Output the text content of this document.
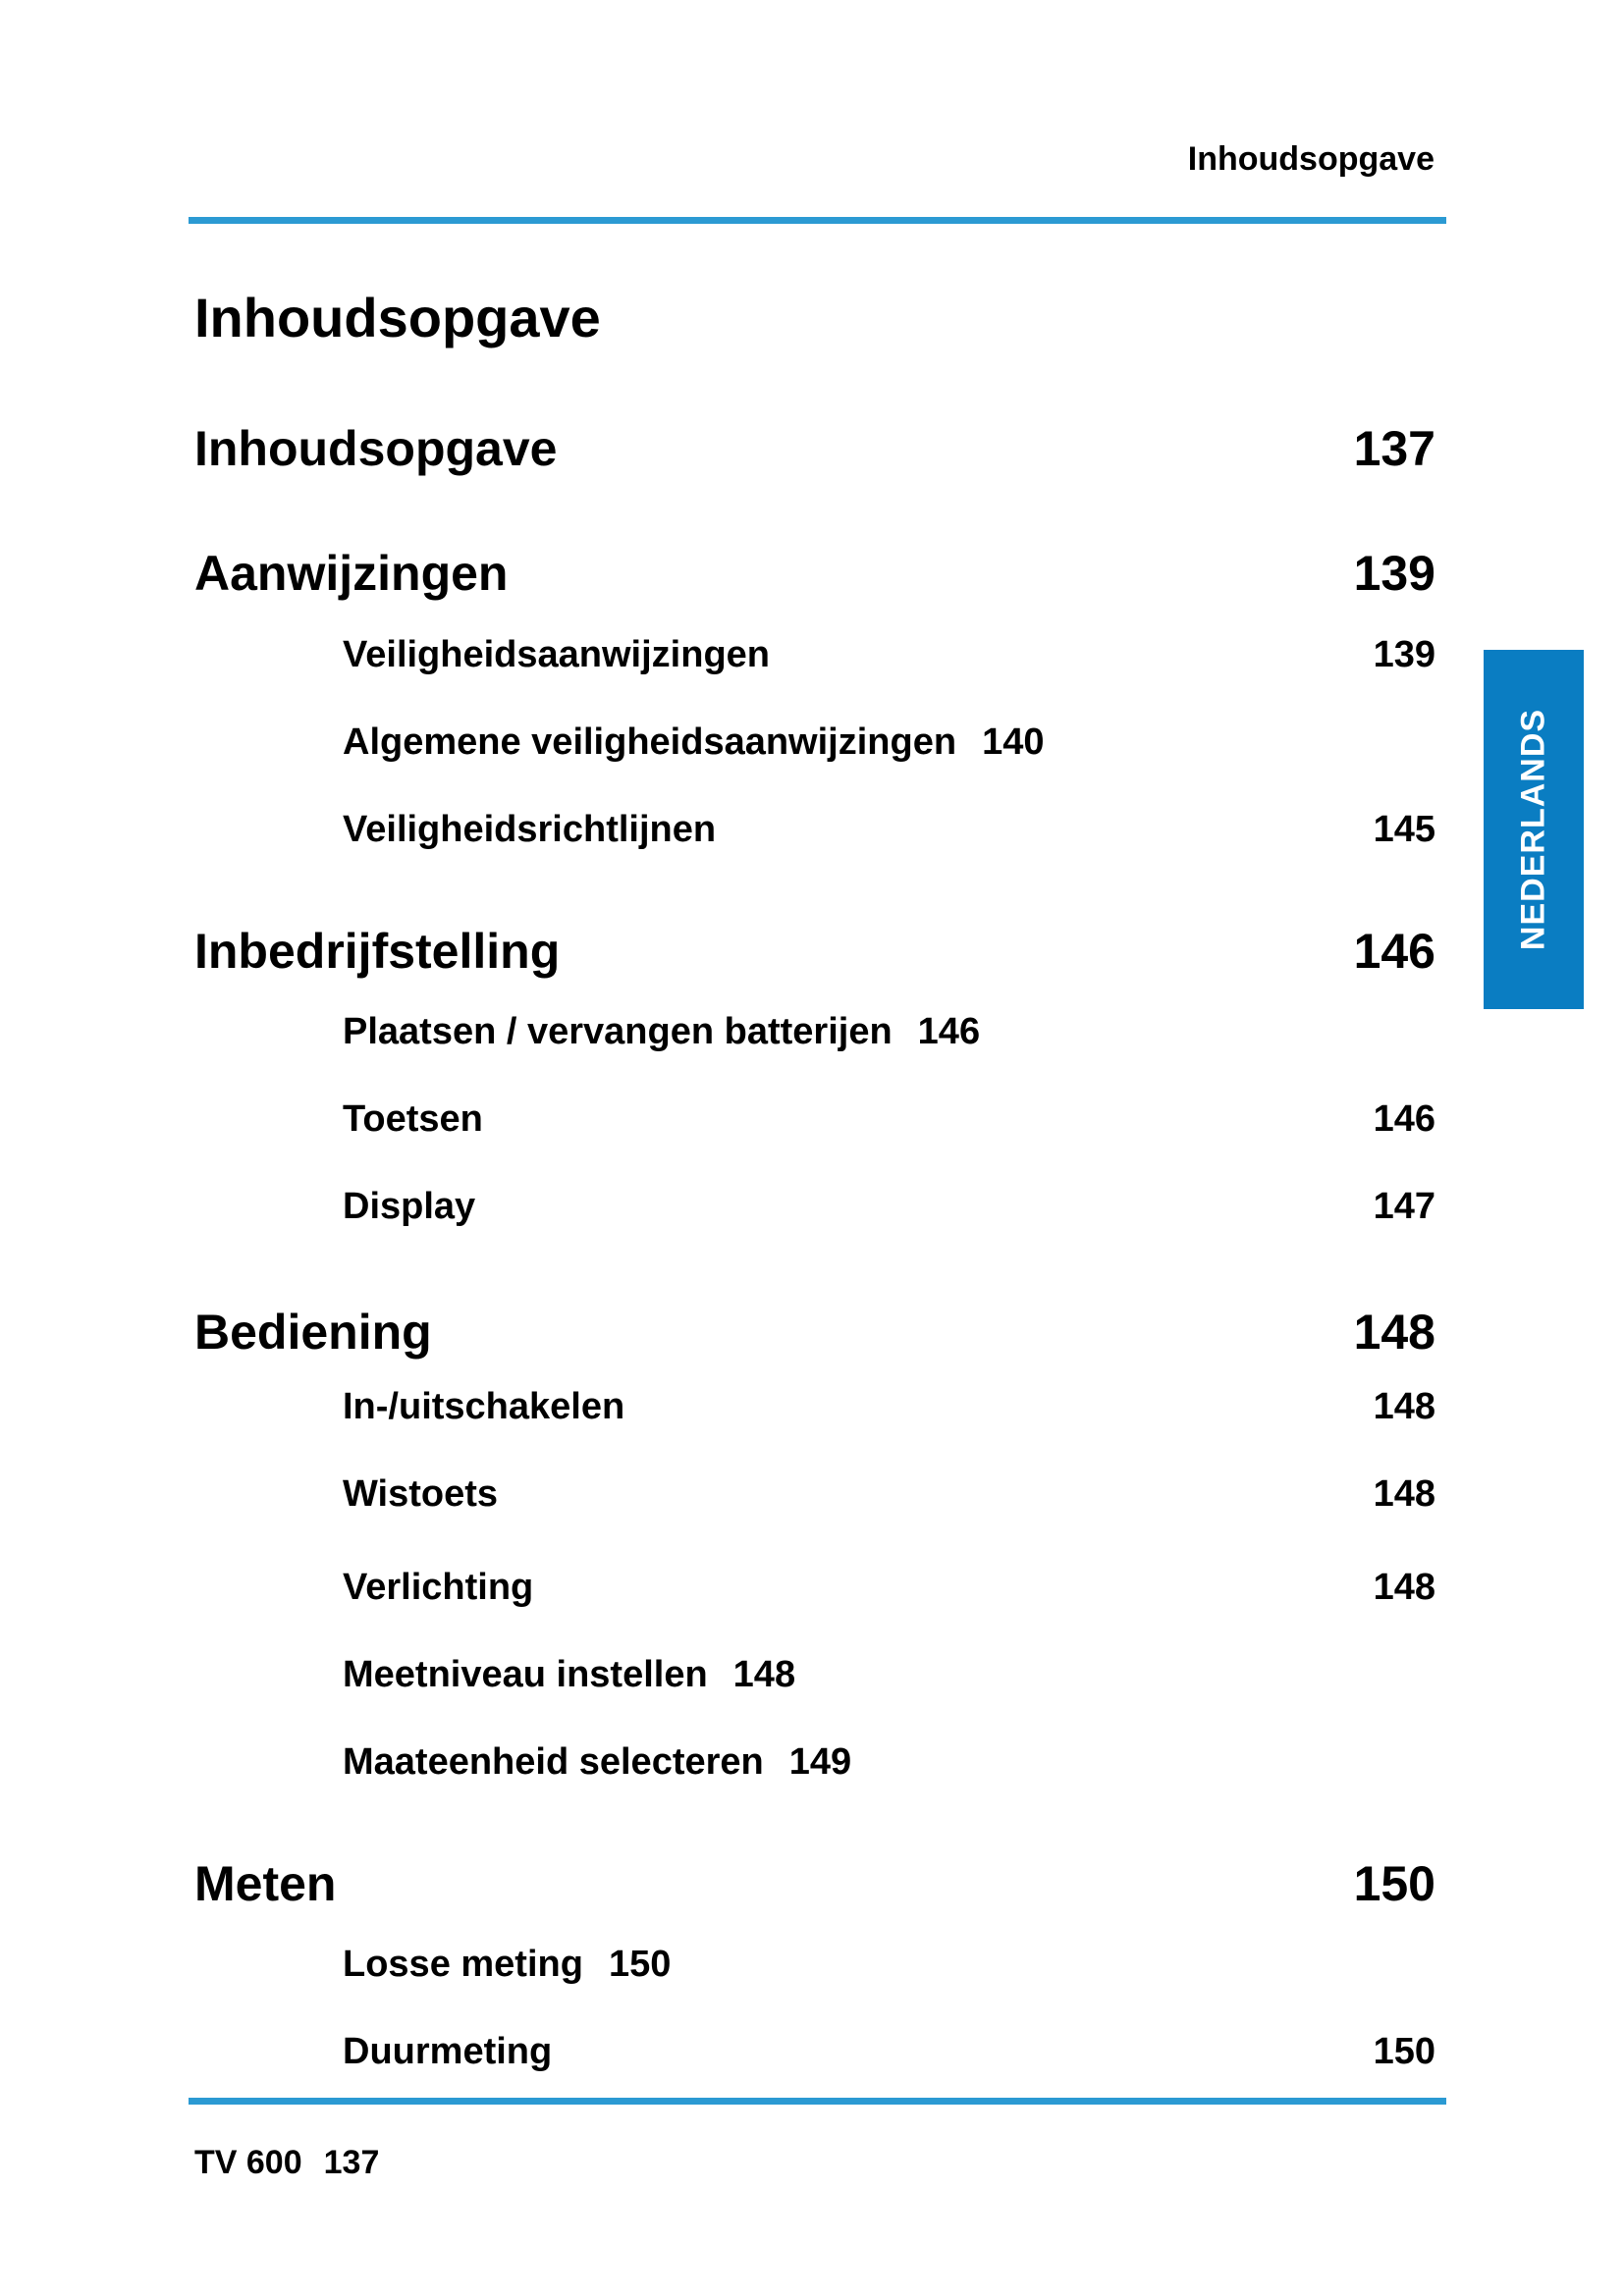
Inhoudsopgave
Inhoudsopgave
Inhoudsopgave	137
Aanwijzingen	139
Veiligheidsaanwijzingen	139
Algemene veiligheidsaanwijzingen 140
Veiligheidsrichtlijnen	145
Inbedrijfstelling	146
Plaatsen / vervangen batterijen 146
Toetsen	146
Display	147
Bediening	148
In-/uitschakelen	148
Wistoets	148
Verlichting	148
Meetniveau instellen 148
Maateenheid selecteren 149
Meten	150
Losse meting 150
Duurmeting	150
NEDERLANDS
TV 600 137
